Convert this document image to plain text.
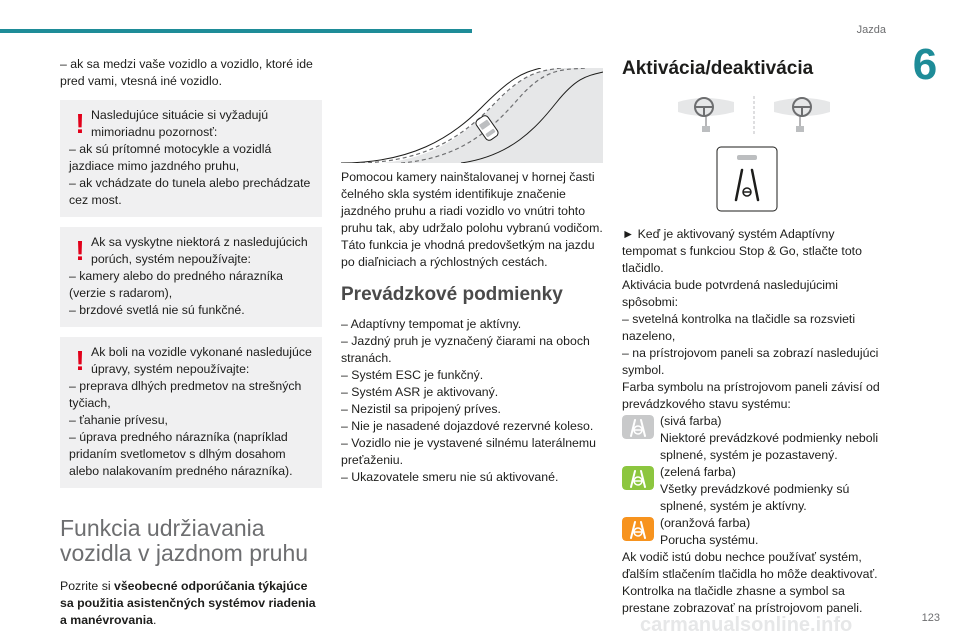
Jazda
6

– ak sa medzi vaše vozidlo a vozidlo, ktoré ide pred vami, vtesná iné vozidlo.

! Nasledujúce situácie si vyžadujú mimoriadnu pozornosť:

– ak sú prítomné motocykle a vozidlá jazdiace mimo jazdného pruhu,

– ak vchádzate do tunela alebo prechádzate cez most.

! Ak sa vyskytne niektorá z nasledujúcich porúch, systém nepoužívajte:

– kamery alebo do predného nárazníka (verzie s radarom),

– brzdové svetlá nie sú funkčné.

! Ak boli na vozidle vykonané nasledujúce úpravy, systém nepoužívajte:

– prepravа dlhých predmetov na strešných tyčiach,

– ťahanie prívesu,

– úprava predného nárazníka (napríklad pridaním svetlometov s dlhým dosahom alebo nalakovaním predného nárazníka).

Funkcia udržiavania vozidla v jazdnom pruhu

Pozrite si všeobecné odporúčania týkajúce sa použitia asistenčných systémov riadenia a manévrovania.

Pomocou kamery nainštalovanej v hornej časti čelného skla systém identifikuje značenie jazdného pruhu a riadi vozidlo vo vnútri tohto pruhu tak, aby udržalo polohu vybranú vodičom. Táto funkcia je vhodná predovšetkým na jazdu po diaľniciach a rýchlostných cestách.

Prevádzkové podmienky

– Adaptívny tempomat je aktívny.

– Jazdný pruh je vyznačený čiarami na oboch stranách.

– Systém ESC je funkčný.

– Systém ASR je aktivovaný.

– Nezistil sa pripojený príves.

– Nie je nasadené dojazdové rezervné koleso.

– Vozidlo nie je vystavené silnému laterálnemu preťaženiu.

– Ukazovatele smeru nie sú aktivované.

Aktivácia/deaktivácia

► Keď je aktivovaný systém Adaptívny tempomat s funkciou Stop & Go, stlačte toto tlačidlo.

Aktivácia bude potvrdená nasledujúcimi spôsobmi:

– svetelná kontrolka na tlačidle sa rozsvieti nazeleno,

– na prístrojovom paneli sa zobrazí nasledujúci symbol.

Farba symbolu na prístrojovom paneli závisí od prevádzkového stavu systému:

(sivá farba)

Niektoré prevádzkové podmienky neboli

splnené, systém je pozastavený.

(zelená farba)

Všetky prevádzkové podmienky sú

splnené, systém je aktívny.

(oranžová farba)

Porucha systému.

Ak vodič istú dobu nechce používať systém, ďalším stlačením tlačidla ho môže deaktivovať.

Kontrolka na tlačidle zhasne a symbol sa prestane zobrazovať na prístrojovom paneli.

123
carmanualsonline.info
